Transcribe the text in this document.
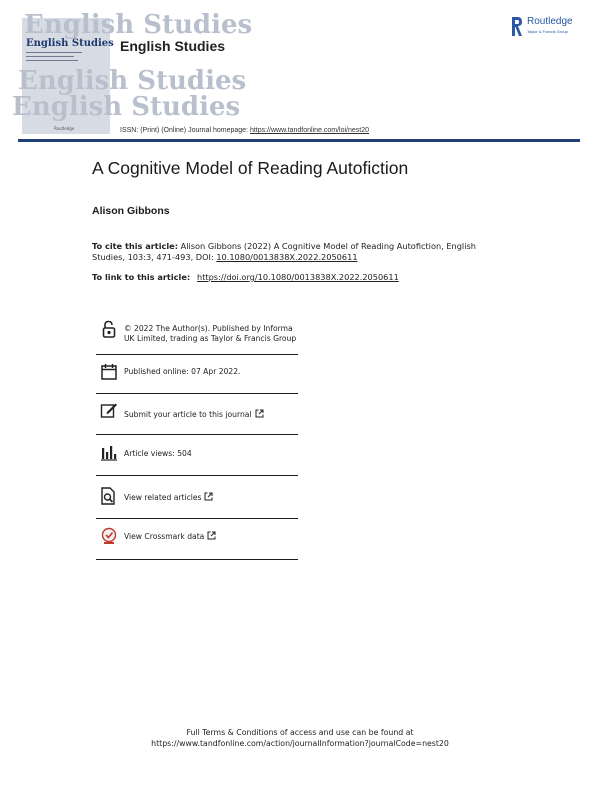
English Studies
English Studies
English Studies
English Studies
Routledge
English Studies
Routledge
Taylor & Francis Group
ISSN: (Print) (Online) Journal homepage: https://www.tandfonline.com/loi/nest20
A Cognitive Model of Reading Autofiction
Alison Gibbons
To cite this article: Alison Gibbons (2022) A Cognitive Model of Reading Autofiction, English Studies, 103:3, 471-493, DOI: 10.1080/0013838X.2022.2050611
To link to this article: https://doi.org/10.1080/0013838X.2022.2050611
© 2022 The Author(s). Published by Informa UK Limited, trading as Taylor & Francis Group
Published online: 07 Apr 2022.
Submit your article to this journal
Article views: 504
View related articles
View Crossmark data
Full Terms & Conditions of access and use can be found at
https://www.tandfonline.com/action/journalInformation?journalCode=nest20
